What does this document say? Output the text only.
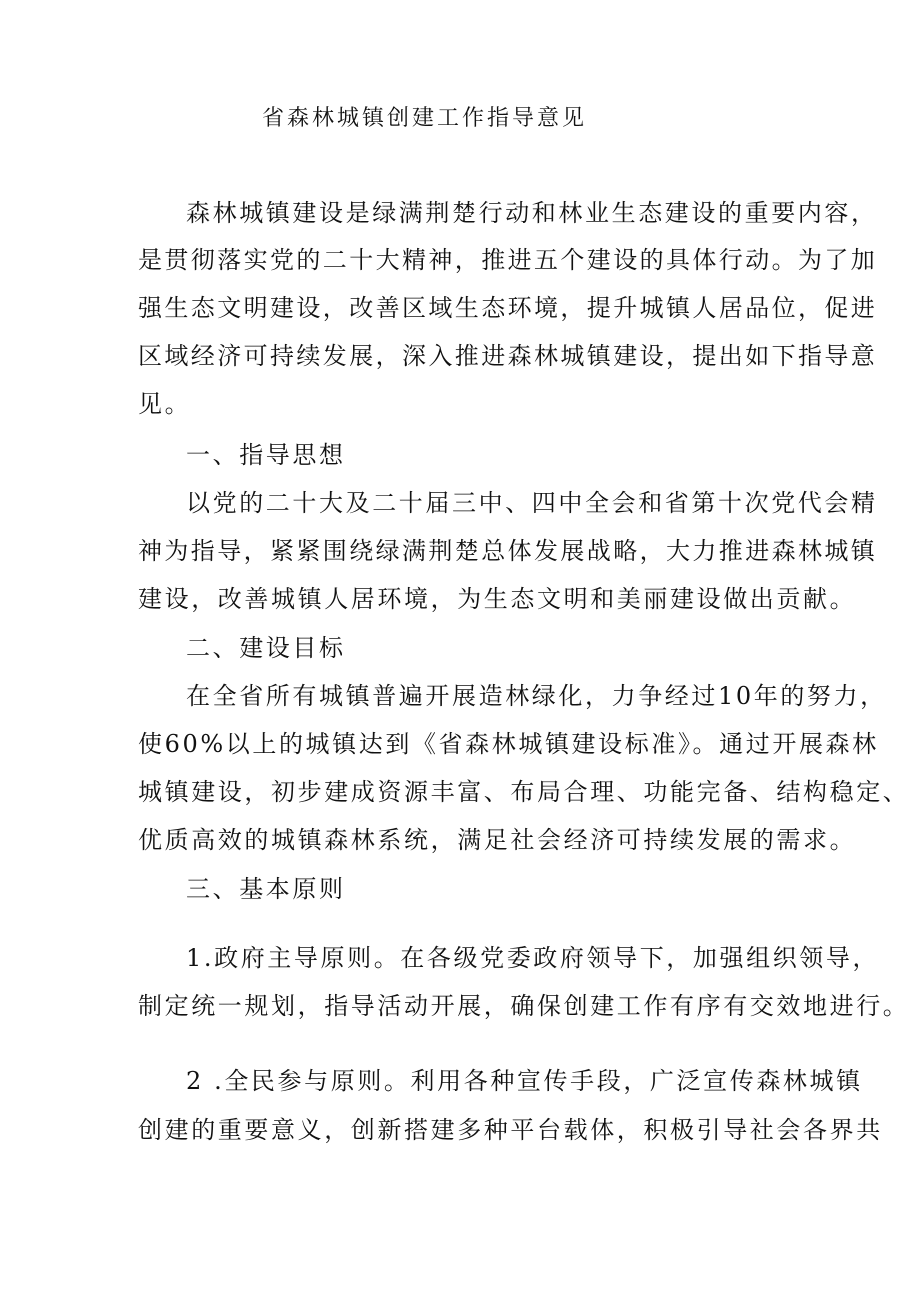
省森林城镇创建工作指导意见
森林城镇建设是绿满荆楚行动和林业生态建设的重要内容，
是贯彻落实党的二十大精神，推进五个建设的具体行动。为了加
强生态文明建设，改善区域生态环境，提升城镇人居品位，促进
区域经济可持续发展，深入推进森林城镇建设，提出如下指导意
见。
一、指导思想
以党的二十大及二十届三中、四中全会和省第十次党代会精
神为指导，紧紧围绕绿满荆楚总体发展战略，大力推进森林城镇
建设，改善城镇人居环境，为生态文明和美丽建设做出贡献。
二、建设目标
在全省所有城镇普遍开展造林绿化，力争经过10年的努力，
使60%以上的城镇达到《省森林城镇建设标准》。通过开展森林
城镇建设，初步建成资源丰富、布局合理、功能完备、结构稳定、
优质高效的城镇森林系统，满足社会经济可持续发展的需求。
三、基本原则
1.政府主导原则。在各级党委政府领导下，加强组织领导，
制定统一规划，指导活动开展，确保创建工作有序有交效地进行。
2 .全民参与原则。利用各种宣传手段，广泛宣传森林城镇
创建的重要意义，创新搭建多种平台载体，积极引导社会各界共
